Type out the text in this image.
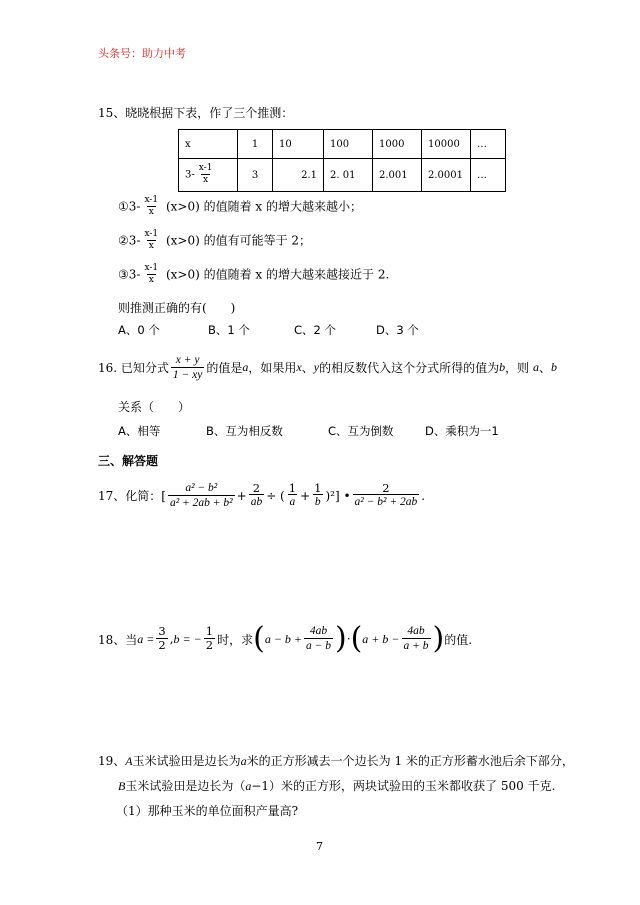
头条号：助力中考
15、晓晓根据下表，作了三个推测：
x	1	10	100	1000	10000	…
$3- \frac{x-1}{x}$	3	2.1	2. 01	2.001	2.0001	…
①3- $\frac{x-1}{x} (x>0)$ 的值随着 x 的增大越来越小；
②3- $\frac{x-1}{x} (x>0)$ 的值有可能等于 2；
③3- $\frac{x-1}{x} (x>0)$ 的值随着 x 的增大越来越接近于 2.
则推测正确的有(　　)
A、0 个	B、1 个	C、2 个	D、3 个
16. 已知分式 $\frac{x + y}{1 - xy}$ 的值是 a ，如果用 x 、 y 的相反数代入这个分式所得的值为 b ，则
a 、 b
关系（　　）
A、相等	B、互为相反数	C、互为倒数	D、乘积为一1
三、解答题
17、化简：[ $\frac{\text{a² − b²}}{\text{a² + 2ab + b²}} + \frac{2}{ab}$ ÷ ( $\frac{1}{a} + \frac{1}{b} )^2$] • $\frac{2}{\text{a² − b² + 2ab}}$ .
18、当 $a = \frac{3}{2}$ , b = − $\frac{1}{2}$ 时，求 ( $a - b + \frac{4ab}{a - b}$ ) · ( $a + b - \frac{4ab}{a + b}$ ) 的值.
19、A玉米试验田是边长为a米的正方形减去一个边长为 1 米的正方形蓄水池后余下部分，
B玉米试验田是边长为（a−1）米的正方形，两块试验田的玉米都收获了 500 千克.
（1）那种玉米的单位面积产量高?
7
